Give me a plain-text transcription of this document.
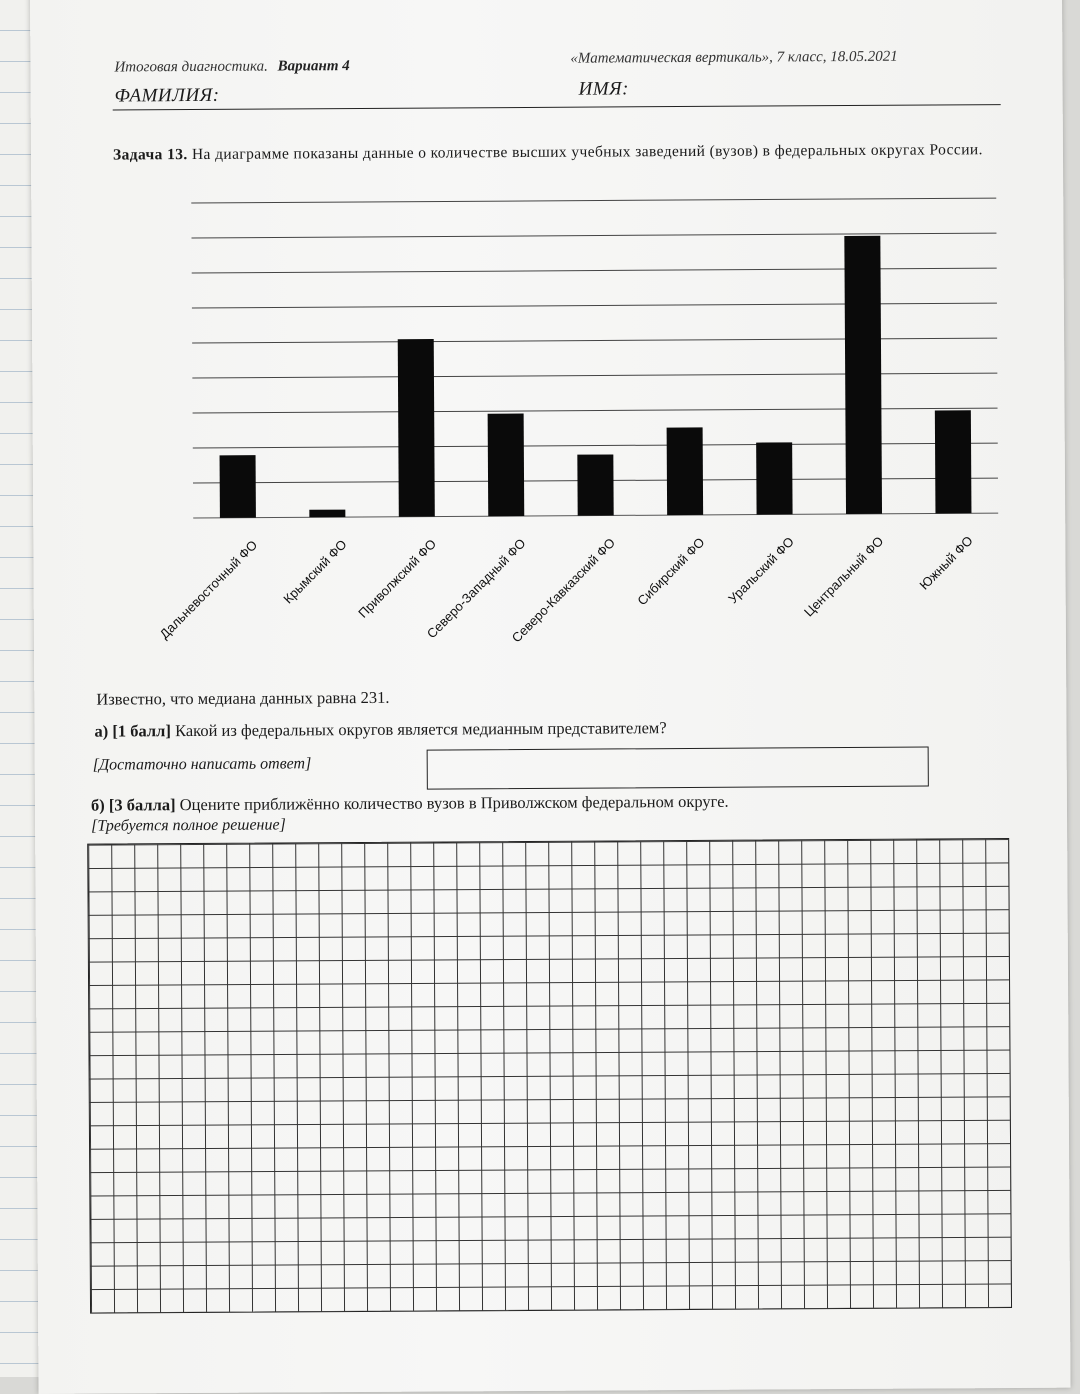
Итоговая диагностика. Вариант 4	«Математическая вертикаль», 7 класс, 18.05.2021
ФАМИЛИЯ:	ИМЯ:
Задача 13. На диаграмме показаны данные о количестве высших учебных заведений (вузов) в федеральных округах России.
Дальневосточный ФО Крымский ФО Приволжский ФО
Северо-Западный ФО
Северо-Кавказский ФО Сибирский ФО Уральский ФО Центральный ФО Южный ФО
Известно, что медиана данных равна 231.
а) [1 балл] Какой из федеральных округов является медианным представителем?
[Достаточно написать ответ]
б) [3 балла] Оцените приближённо количество вузов в Приволжском федеральном округе.
[Требуется полное решение]
